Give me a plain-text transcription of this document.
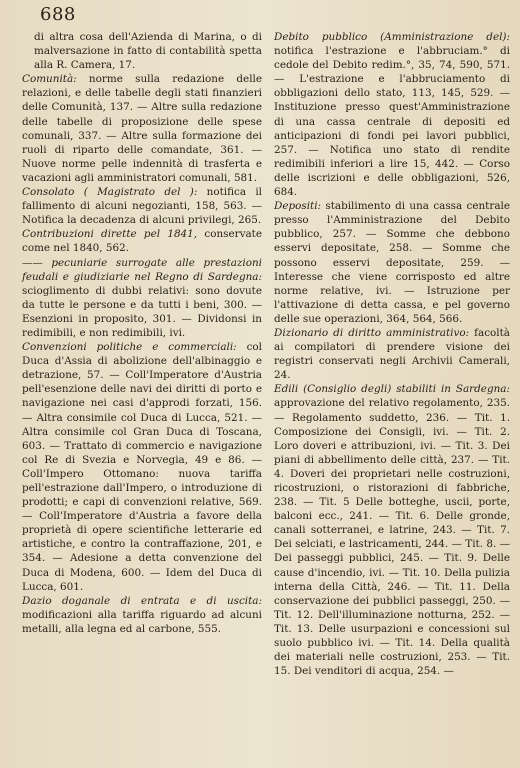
688

di altra cosa dell'Azienda di Marina, o di malversazione in fatto di contabilità spetta alla R. Camera, 17.

Comunità: norme sulla redazione delle relazioni, e delle tabelle degli stati finanzieri delle Comunità, 137. — Altre sulla redazione delle tabelle di proposizione delle spese comunali, 337. — Altre sulla formazione dei ruoli di riparto delle comandate, 361. — Nuove norme pelle indennità di trasferta e vacazioni agli amministratori comunali, 581.

Consolato ( Magistrato del ): notifica il fallimento di alcuni negozianti, 158, 563. — Notifica la decadenza di alcuni privilegi, 265.

Contribuzioni dirette pel 1841, conservate come nel 1840, 562.

—— pecuniarie surrogate alle prestazioni feudali e giudiziarie nel Regno di Sardegna: scioglimento di dubbi relativi: sono dovute da tutte le persone e da tutti i beni, 300. — Esenzioni in proposito, 301. — Dividonsi in redimibili, e non redimibili, ivi.

Convenzioni politiche e commerciali: col Duca d'Assia di abolizione dell'albinaggio e detrazione, 57. — Coll'Imperatore d'Austria pell'esenzione delle navi dei diritti di porto e navigazione nei casi d'approdi forzati, 156. — Altra consimile col Duca di Lucca, 521. — Altra consimile col Gran Duca di Toscana, 603. — Trattato di commercio e navigazione col Re di Svezia e Norvegia, 49 e 86. — Coll'Impero Ottomano: nuova tariffa pell'estrazione dall'Impero, o introduzione di prodotti; e capi di convenzioni relative, 569. — Coll'Imperatore d'Austria a favore della proprietà di opere scientifiche letterarie ed artistiche, e contro la contraffazione, 201, e 354. — Adesione a detta convenzione del Duca di Modena, 600. — Idem del Duca di Lucca, 601.

Dazio doganale di entrata e di uscita: modificazioni alla tariffa riguardo ad alcuni metalli, alla legna ed al carbone, 555.

Debito pubblico (Amministrazione del): notifica l'estrazione e l'abbruciam.° di cedole del Debito redim.°, 35, 74, 590, 571. — L'estrazione e l'abbruciamento di obbligazioni dello stato, 113, 145, 529. — Instituzione presso quest'Amministrazione di una cassa centrale di depositi ed anticipazioni di fondi pei lavori pubblici, 257. — Notifica uno stato di rendite redimibili inferiori a lire 15, 442. — Corso delle iscrizioni e delle obbligazioni, 526, 684.

Depositi: stabilimento di una cassa centrale presso l'Amministrazione del Debito pubblico, 257. — Somme che debbono esservi depositate, 258. — Somme che possono esservi depositate, 259. — Interesse che viene corrisposto ed altre norme relative, ivi. — Istruzione per l'attivazione di detta cassa, e pel governo delle sue operazioni, 364, 564, 566.

Dizionario di diritto amministrativo: facoltà ai compilatori di prendere visione dei registri conservati negli Archivii Camerali, 24.

Edili (Consiglio degli) stabiliti in Sardegna: approvazione del relativo regolamento, 235. — Regolamento suddetto, 236. — Tit. 1. Composizione dei Consigli, ivi. — Tit. 2. Loro doveri e attribuzioni, ivi. — Tit. 3. Dei piani di abbellimento delle città, 237. — Tit. 4. Doveri dei proprietari nelle costruzioni, ricostruzioni, o ristorazioni di fabbriche, 238. — Tit. 5 Delle botteghe, uscii, porte, balconi ecc., 241. — Tit. 6. Delle gronde, canali sotterranei, e latrine, 243. — Tit. 7. Dei selciati, e lastricamenti, 244. — Tit. 8. — Dei passeggi pubblici, 245. — Tit. 9. Delle cause d'incendio, ivi. — Tit. 10. Della pulizia interna della Città, 246. — Tit. 11. Della conservazione dei pubblici passeggi, 250. — Tit. 12. Dell'illuminazione notturna, 252. — Tit. 13. Delle usurpazioni e concessioni sul suolo pubblico ivi. — Tit. 14. Della qualità dei materiali nelle costruzioni, 253. — Tit. 15. Dei venditori di acqua, 254. —
